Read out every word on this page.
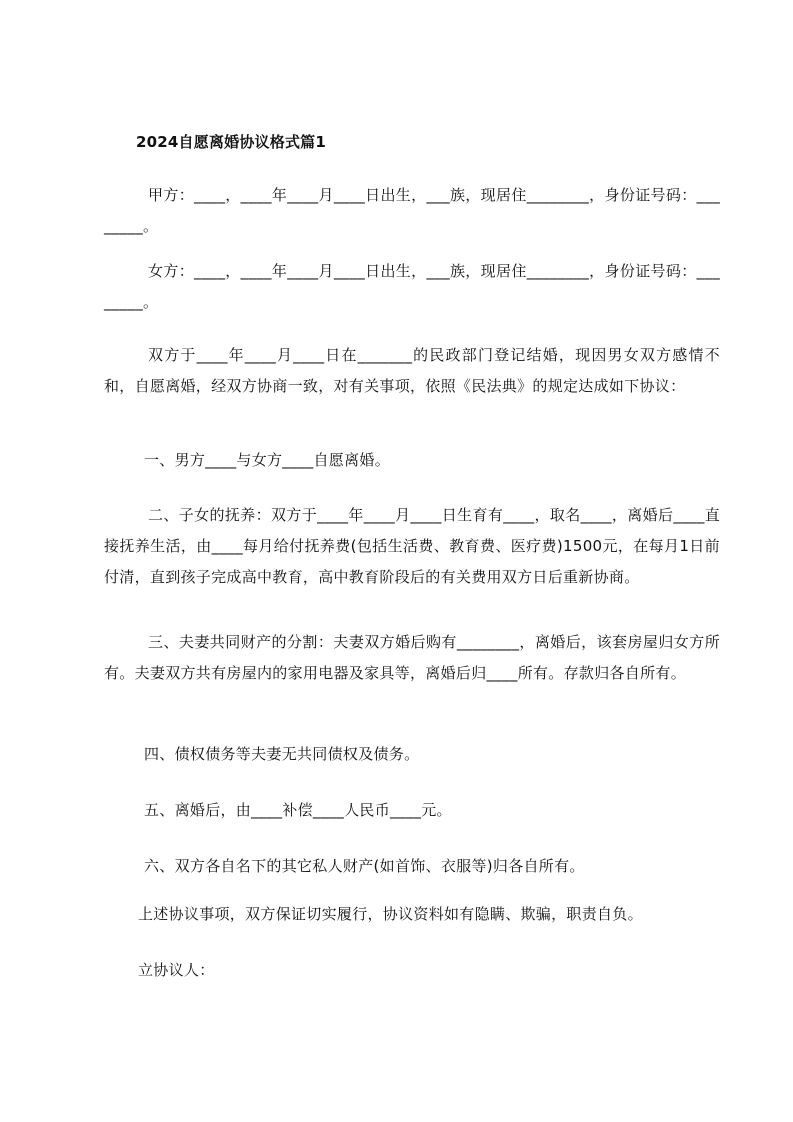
2024自愿离婚协议格式篇1

甲方：____，____年____月____日出生，___族，现居住________，身份证号码：________。

女方：____，____年____月____日出生，___族，现居住________，身份证号码：________。

双方于____年____月____日在_______的民政部门登记结婚，现因男女双方感情不和，自愿离婚，经双方协商一致，对有关事项，依照《民法典》的规定达成如下协议：

一、男方____与女方____自愿离婚。

二、子女的抚养：双方于____年____月____日生育有____，取名____，离婚后____直接抚养生活，由____每月给付抚养费(包括生活费、教育费、医疗费)1500元，在每月1日前付清，直到孩子完成高中教育，高中教育阶段后的有关费用双方日后重新协商。

三、夫妻共同财产的分割：夫妻双方婚后购有________，离婚后，该套房屋归女方所有。夫妻双方共有房屋内的家用电器及家具等，离婚后归____所有。存款归各自所有。

四、债权债务等夫妻无共同债权及债务。

五、离婚后，由____补偿____人民币____元。

六、双方各自名下的其它私人财产(如首饰、衣服等)归各自所有。

上述协议事项，双方保证切实履行，协议资料如有隐瞒、欺骗，职责自负。

立协议人：
